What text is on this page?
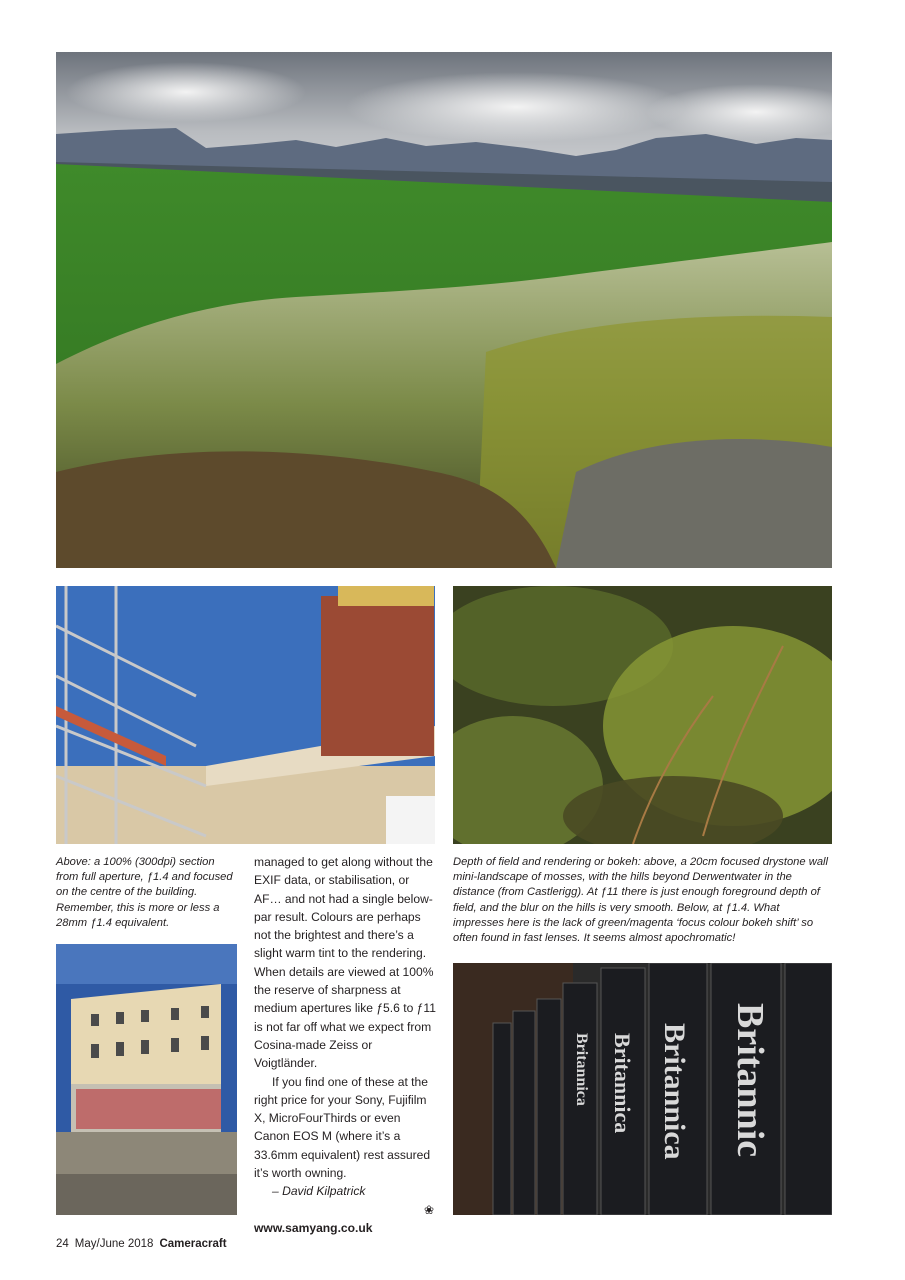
Above: a 100% (300dpi) section from full aperture, ƒ1.4 and focused on the centre of the building. Remember, this is more or less a 28mm ƒ1.4 equivalent.

Britannic
Britannica
Britannica
Britannica

Depth of field and rendering or bokeh: above, a 20cm focused drystone wall mini-landscape of mosses, with the hills beyond Derwentwater in the distance (from Castlerigg). At ƒ11 there is just enough foreground depth of field, and the blur on the hills is very smooth. Below, at ƒ1.4. What impresses here is the lack of green/magenta ‘focus colour bokeh shift’ so often found in fast lenses. It seems almost apochromatic!

managed to get along without the EXIF data, or stabilisation, or AF… and not had a single below-par result. Colours are perhaps not the brightest and there’s a slight warm tint to the rendering. When details are viewed at 100% the reserve of sharpness at medium apertures like ƒ5.6 to ƒ11 is not far off what we expect from Cosina-made Zeiss or Voigtländer.

If you find one of these at the right price for your Sony, Fujifilm X, MicroFourThirds or even Canon EOS M (where it’s a 33.6mm equivalent) rest assured it’s worth owning.

– David Kilpatrick

❀

www.samyang.co.uk

24 May/June 2018 Cameracraft
